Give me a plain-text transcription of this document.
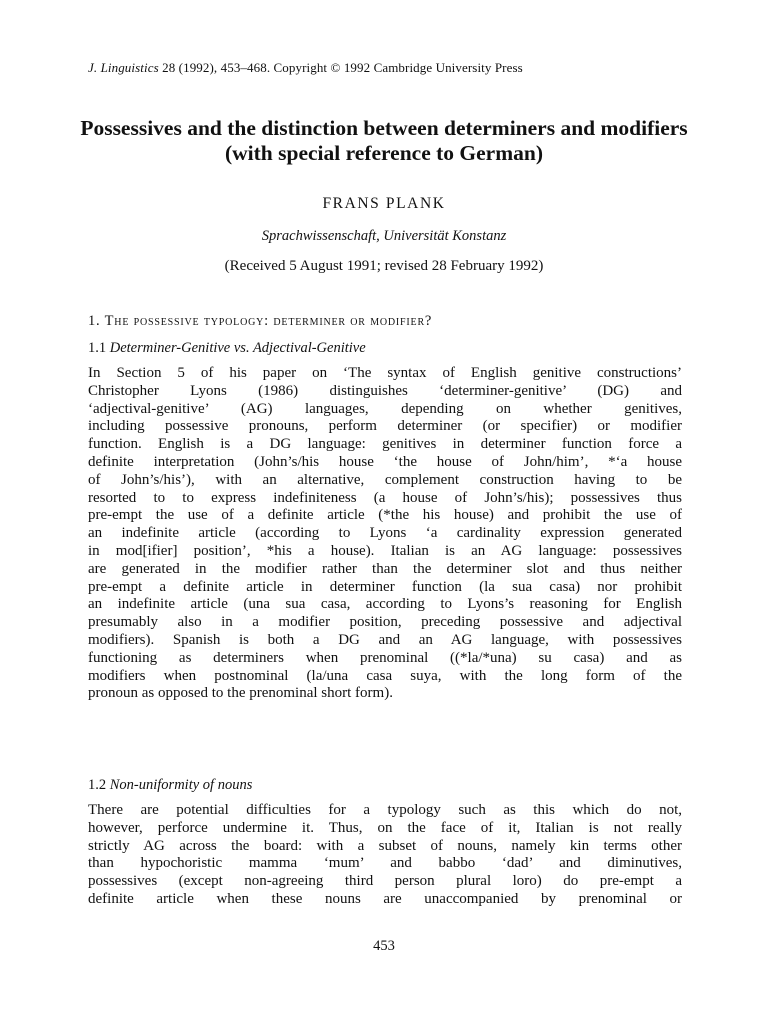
J. Linguistics 28 (1992), 453–468. Copyright © 1992 Cambridge University Press
Possessives and the distinction between determiners and modifiers (with special reference to German)
FRANS PLANK
Sprachwissenschaft, Universität Konstanz
(Received 5 August 1991; revised 28 February 1992)
1. The possessive typology: determiner or modifier?
1.1 Determiner-Genitive vs. Adjectival-Genitive
In Section 5 of his paper on ‘The syntax of English genitive constructions’
Christopher Lyons (1986) distinguishes ‘determiner-genitive’ (DG) and
‘adjectival-genitive’ (AG) languages, depending on whether genitives,
including possessive pronouns, perform determiner (or specifier) or modifier
function. English is a DG language: genitives in determiner function force a
definite interpretation (John’s/his house ‘the house of John/him’, *‘a house
of John’s/his’), with an alternative, complement construction having to be
resorted to to express indefiniteness (a house of John’s/his); possessives thus
pre-empt the use of a definite article (*the his house) and prohibit the use of
an indefinite article (according to Lyons ‘a cardinality expression generated
in mod[ifier] position’, *his a house). Italian is an AG language: possessives
are generated in the modifier rather than the determiner slot and thus neither
pre-empt a definite article in determiner function (la sua casa) nor prohibit
an indefinite article (una sua casa, according to Lyons’s reasoning for English
presumably also in a modifier position, preceding possessive and adjectival
modifiers). Spanish is both a DG and an AG language, with possessives
functioning as determiners when prenominal ((*la/*una) su casa) and as
modifiers when postnominal (la/una casa suya, with the long form of the
pronoun as opposed to the prenominal short form).
1.2 Non-uniformity of nouns
There are potential difficulties for a typology such as this which do not,
however, perforce undermine it. Thus, on the face of it, Italian is not really
strictly AG across the board: with a subset of nouns, namely kin terms other
than hypochoristic mamma ‘mum’ and babbo ‘dad’ and diminutives,
possessives (except non-agreeing third person plural loro) do pre-empt a
definite article when these nouns are unaccompanied by prenominal or
453
